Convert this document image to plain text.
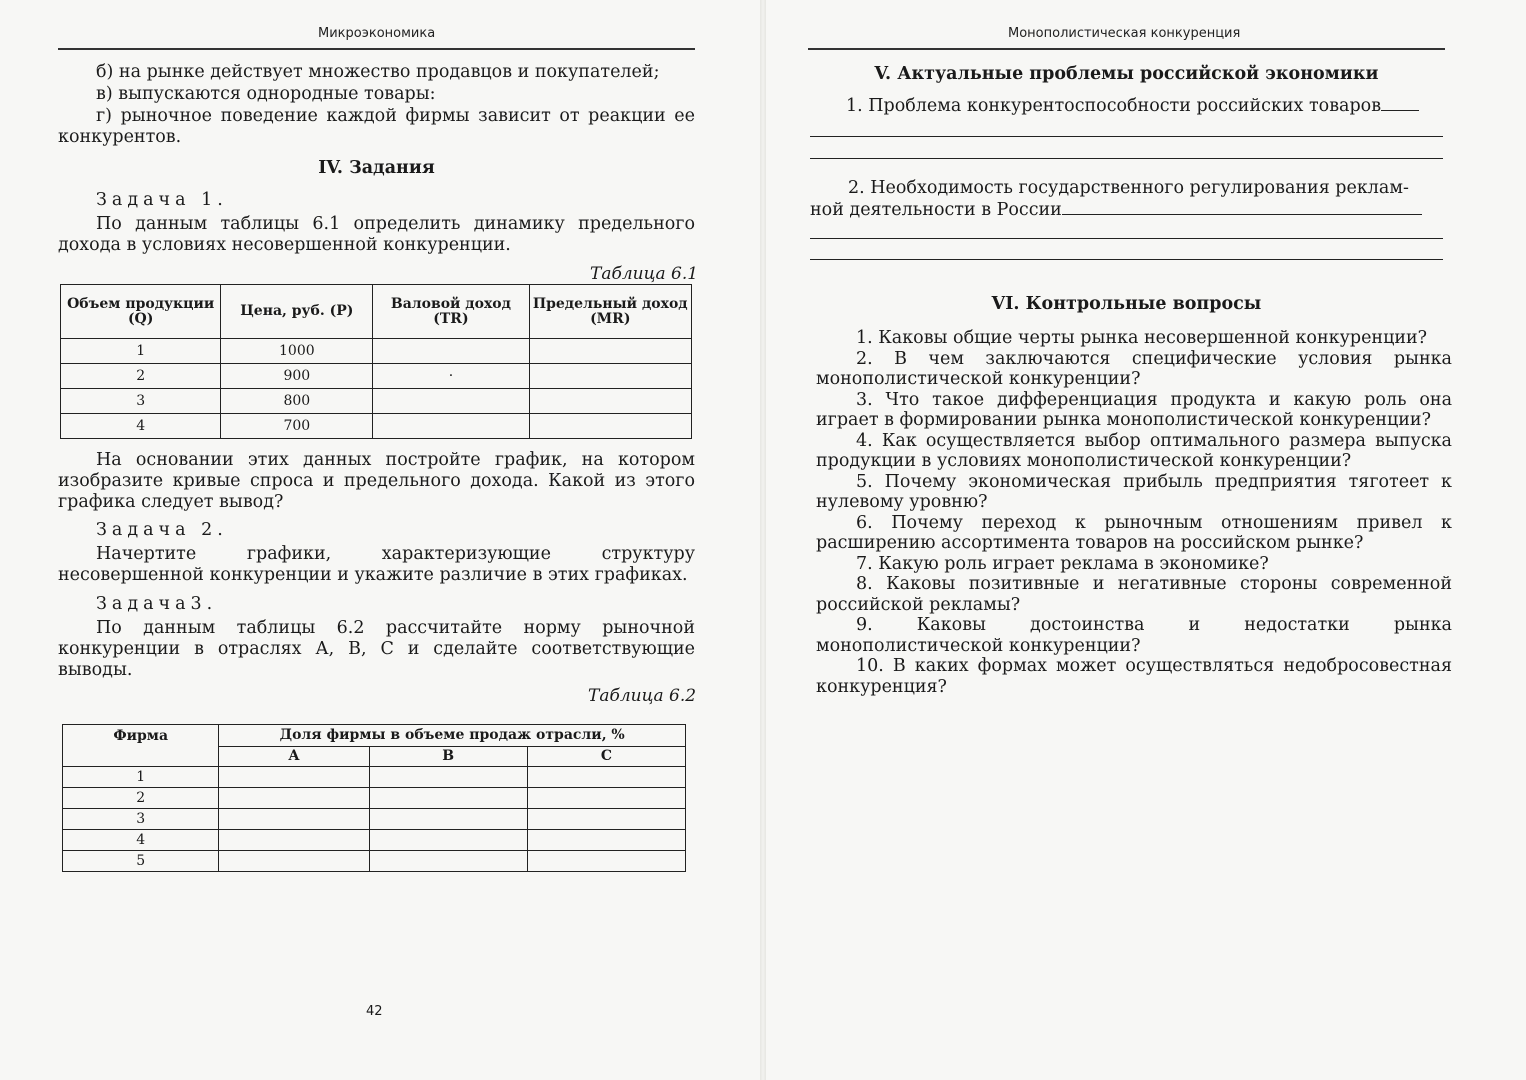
Микроэкономика

б) на рынке действует множество продавцов и покупателей;

в) выпускаются однородные товары:

г) рыночное поведение каждой фирмы зависит от реакции ее конкурентов.

IV. Задания
Задача 1.

По данным таблицы 6.1 определить динамику предельного дохода в условиях несовершенной конкуренции.

Таблица 6.1
Объем продукции (Q)	Цена, руб. (P)	Валовой доход (TR)	Предельный доход (MR)
1	1000		
2	900	·	
3	800		
4	700		

На основании этих данных постройте график, на котором изобразите кривые спроса и предельного дохода. Какой из этого графика следует вывод?

Задача 2.

Начертите графики, характеризующие структуру несовершенной конкуренции и укажите различие в этих графиках.

Задача3.

По данным таблицы 6.2 рассчитайте норму рыночной конкуренции в отраслях А, В, С и сделайте соответствующие выводы.

Таблица 6.2
Фирма	Доля фирмы в объеме продаж отрасли, %		
	А	В	С
1			
2			
3			
4			
5			
42
Монополистическая конкуренция
V. Актуальные проблемы российской экономики
1. Проблема конкурентоспособности российских товаров
2. Необходимость государственного регулирования реклам-
ной деятельности в России
VI. Контрольные вопросы

1. Каковы общие черты рынка несовершенной конкуренции?

2. В чем заключаются специфические условия рынка монополистической конкуренции?

3. Что такое дифференциация продукта и какую роль она играет в формировании рынка монополистической конкуренции?

4. Как осуществляется выбор оптимального размера выпуска продукции в условиях монополистической конкуренции?

5. Почему экономическая прибыль предприятия тяготеет к нулевому уровню?

6. Почему переход к рыночным отношениям привел к расширению ассортимента товаров на российском рынке?

7. Какую роль играет реклама в экономике?

8. Каковы позитивные и негативные стороны современной российской рекламы?

9. Каковы достоинства и недостатки рынка монополистической конкуренции?

10. В каких формах может осуществляться недобросовестная конкуренция?
